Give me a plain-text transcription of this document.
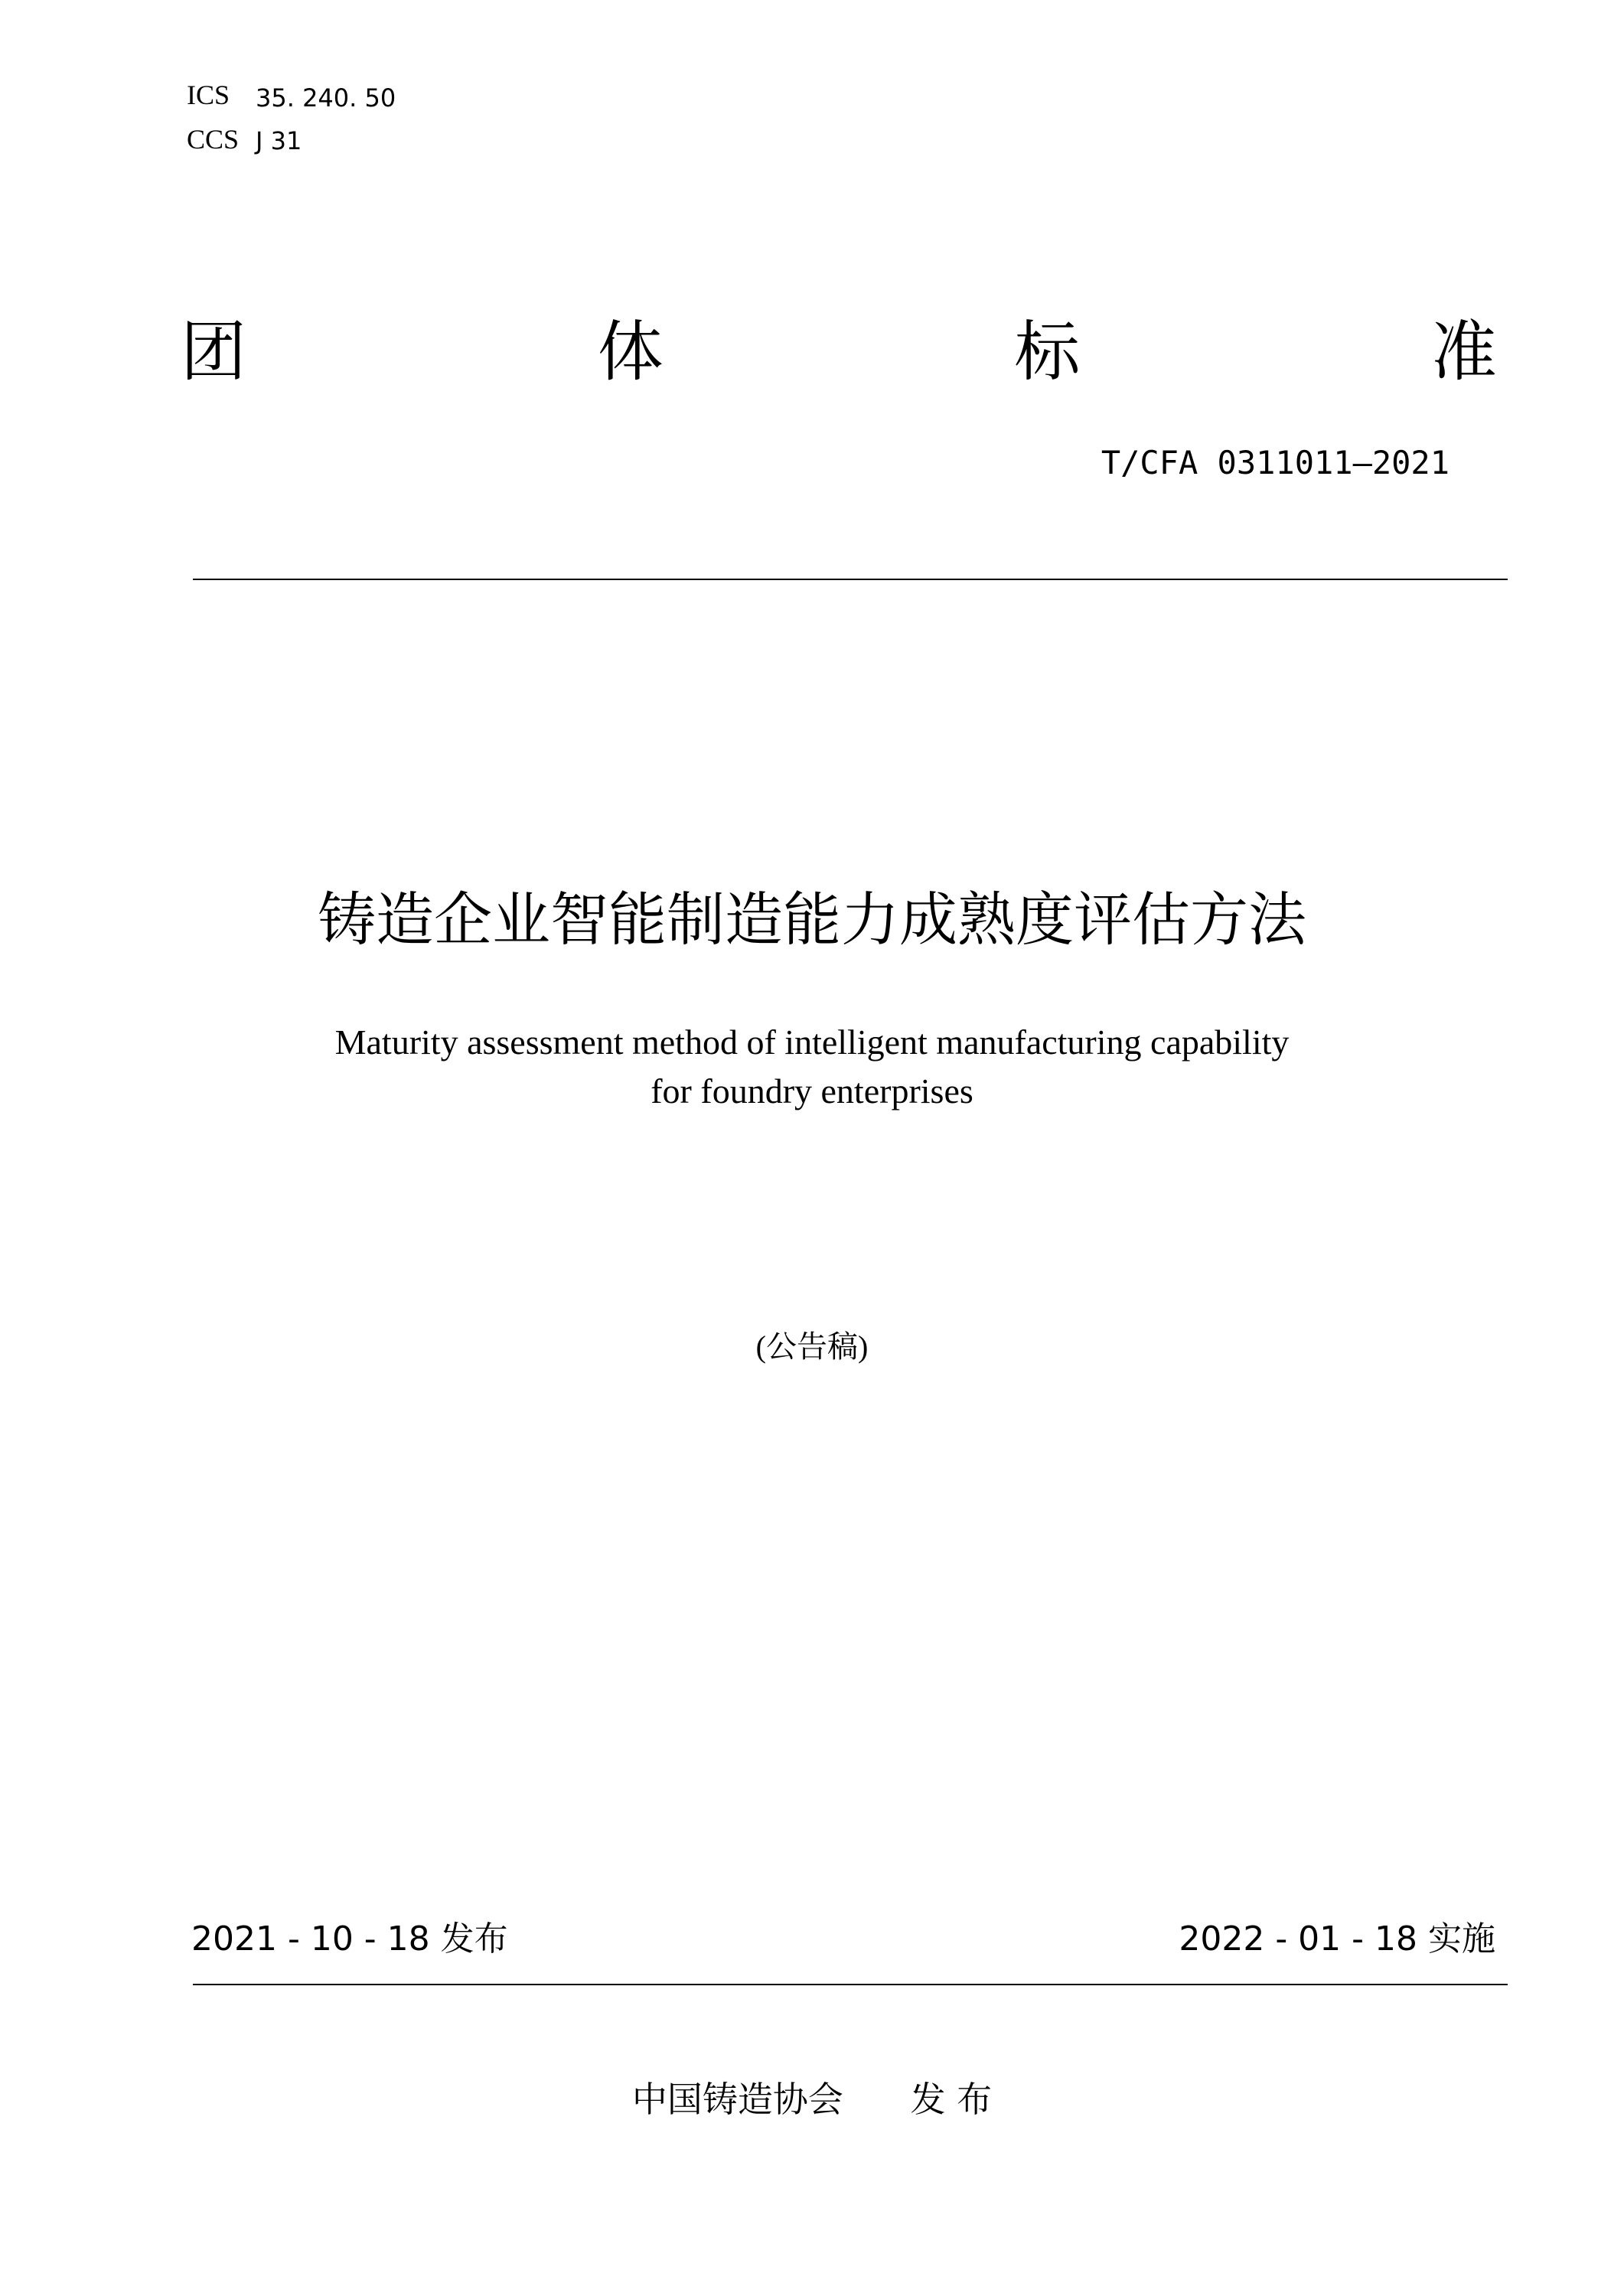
ICS 35. 240. 50
CCS J 31
团	体	标	准
T/CFA 0311011—2021
铸造企业智能制造能力成熟度评估方法
Maturity assessment method of intelligent manufacturing capability
for foundry enterprises
(公告稿)
2021 - 10 - 18 发布	2022 - 01 - 18 实施
中国铸造协会      发 布
